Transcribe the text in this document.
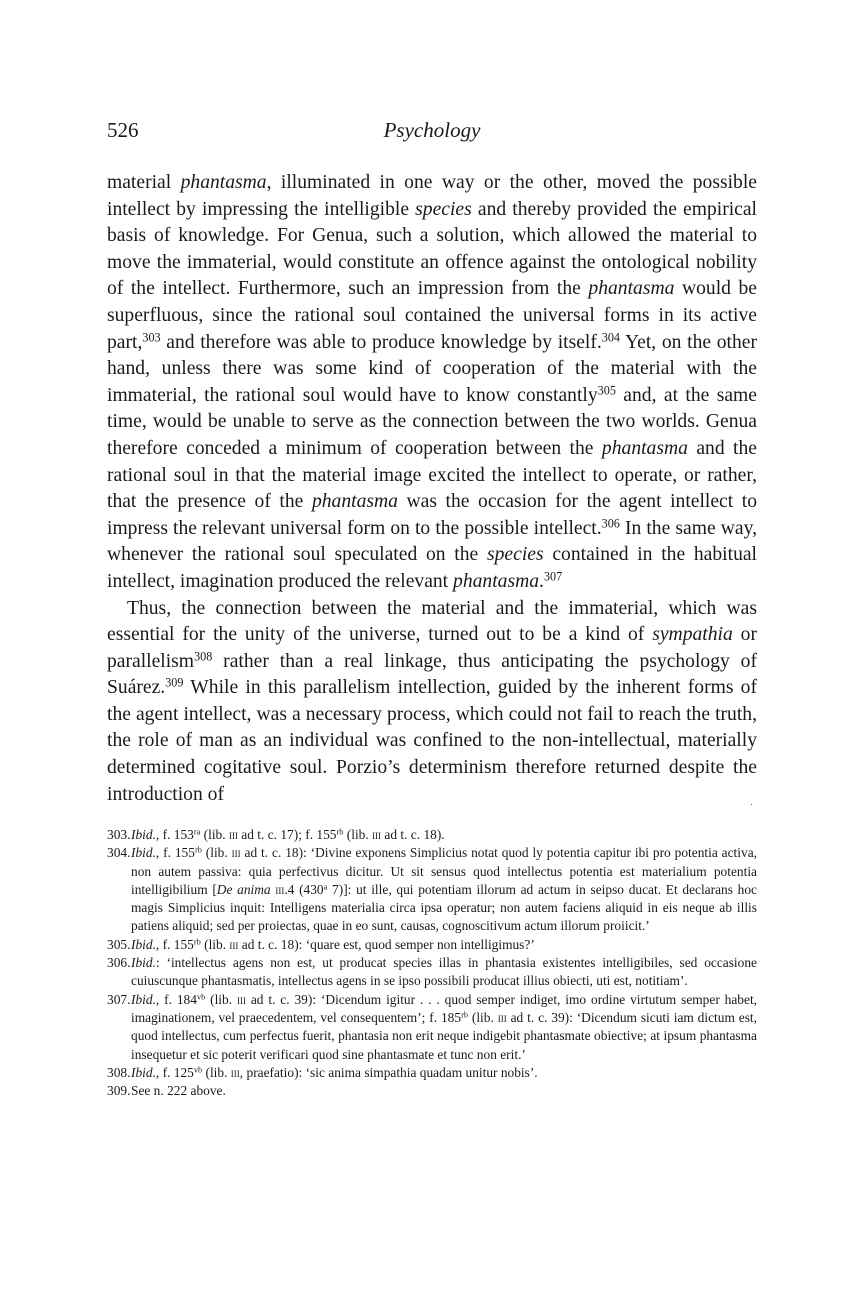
526	Psychology

material phantasma, illuminated in one way or the other, moved the possible intellect by impressing the intelligible species and thereby provided the empirical basis of knowledge. For Genua, such a solution, which allowed the material to move the immaterial, would constitute an offence against the ontological nobility of the intellect. Furthermore, such an impression from the phantasma would be superfluous, since the rational soul contained the universal forms in its active part,$^{303}$ and therefore was able to produce knowledge by itself.$^{304}$ Yet, on the other hand, unless there was some kind of cooperation of the material with the immaterial, the rational soul would have to know constantly$^{305}$ and, at the same time, would be unable to serve as the connection between the two worlds. Genua therefore conceded a minimum of cooperation between the phantasma and the rational soul in that the material image excited the intellect to operate, or rather, that the presence of the phantasma was the occasion for the agent intellect to impress the relevant universal form on to the possible intellect.$^{306}$ In the same way, whenever the rational soul speculated on the species contained in the habitual intellect, imagination produced the relevant phantasma.$^{307}$

Thus, the connection between the material and the immaterial, which was essential for the unity of the universe, turned out to be a kind of sympathia or parallelism$^{308}$ rather than a real linkage, thus anticipating the psychology of Suárez.$^{309}$ While in this parallelism intellection, guided by the inherent forms of the agent intellect, was a necessary process, which could not fail to reach the truth, the role of man as an individual was confined to the non-intellectual, materially determined cogitative soul. Porzio’s determinism therefore returned despite the introduction of

·

303. Ibid., f. $153^{ra}$ (lib. iii ad t. c. 17); f. $155^{rb}$ (lib. iii ad t. c. 18).

304. Ibid., f. $155^{rb}$ (lib. iii ad t. c. 18): ‘Divine exponens Simplicius notat quod ly potentia capitur ibi pro potentia activa, non autem passiva: quia perfectivus dicitur. Ut sit sensus quod intellectus potentia est materialium potentia intelligibilium [De anima iii.4 (430$^a$ 7)]: ut ille, qui potentiam illorum ad actum in seipso ducat. Et declarans hoc magis Simplicius inquit: Intelligens materialia circa ipsa operatur; non autem faciens aliquid in eis neque ab illis patiens aliquid; sed per proiectas, quae in eo sunt, causas, cognoscitivum actum illorum proiicit.’

305. Ibid., f. $155^{rb}$ (lib. iii ad t. c. 18): ‘quare est, quod semper non intelligimus?’

306. Ibid.: ‘intellectus agens non est, ut producat species illas in phantasia existentes intelligibiles, sed occasione cuiuscunque phantasmatis, intellectus agens in se ipso possibili producat illius obiecti, uti est, notitiam’.

307. Ibid., f. $184^{vb}$ (lib. iii ad t. c. 39): ‘Dicendum igitur . . . quod semper indiget, imo ordine virtutum semper habet, imaginationem, vel praecedentem, vel consequentem’; f. $185^{rb}$ (lib. iii ad t. c. 39): ‘Dicendum sicuti iam dictum est, quod intellectus, cum perfectus fuerit, phantasia non erit neque indigebit phantasmate obiective; at ipsum phantasma insequetur et sic poterit verificari quod sine phantasmate et tunc non erit.’

308. Ibid., f. $125^{vb}$ (lib. iii, praefatio): ‘sic anima simpathia quadam unitur nobis’.

309. See n. 222 above.
